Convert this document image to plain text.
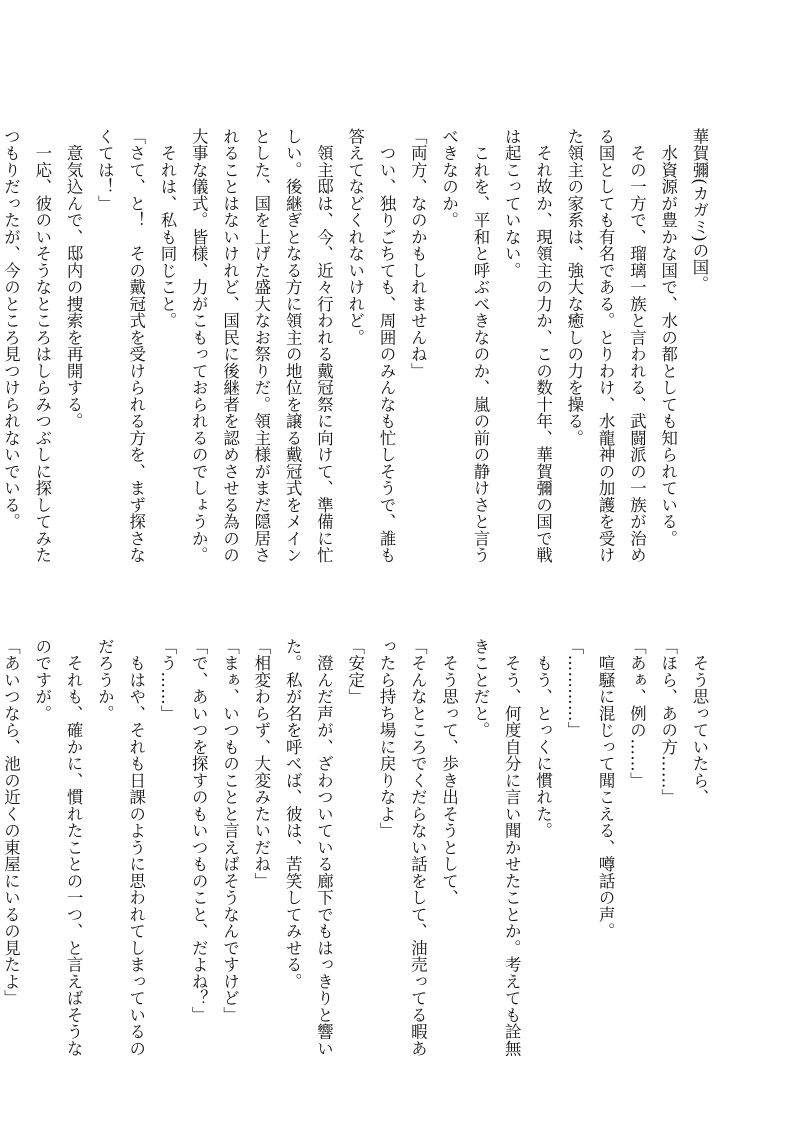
華賀彌(カガミ)の国。
　水資源が豊かな国で、水の都としても知られている。
　その一方で、瑠璃一族と言われる、武闘派の一族が治め
る国としても有名である。とりわけ、水龍神の加護を受け
た領主の家系は、強大な癒しの力を操る。
　それ故か、現領主の力か、この数十年、華賀彌の国で戦
は起こっていない。
　これを、平和と呼ぶべきなのか、嵐の前の静けさと言う
べきなのか。
「両方、なのかもしれませんね」
　つい、独りごちても、周囲のみんなも忙しそうで、誰も
答えてなどくれないけれど。
　領主邸は、今、近々行われる戴冠祭に向けて、準備に忙
しい。後継ぎとなる方に領主の地位を譲る戴冠式をメイン
とした、国を上げた盛大なお祭りだ。領主様がまだ隠居さ
れることはないけれど、国民に後継者を認めさせる為のの
大事な儀式。皆様、力がこもっておられるのでしょうか。
　それは、私も同じこと。
「さて、と！　その戴冠式を受けられる方を、まず探さな
くては！」
　意気込んで、邸内の捜索を再開する。
　一応、彼のいそうなところはしらみつぶしに探してみた
つもりだったが、今のところ見つけられないでいる。
　そう思っていたら、
「ほら、あの方……」
「あぁ、例の……」
　喧騒に混じって聞こえる、噂話の声。
「…………」
　もう、とっくに慣れた。
　そう、何度自分に言い聞かせたことか。考えても詮無
きことだと。
　そう思って、歩き出そうとして、
「そんなところでくだらない話をして、油売ってる暇あ
ったら持ち場に戻りなよ」
「安定」
　澄んだ声が、ざわついている廊下でもはっきりと響い
た。私が名を呼べば、彼は、苦笑してみせる。
「相変わらず、大変みたいだね」
「まぁ、いつものことと言えばそうなんですけど」
「で、あいつを探すのもいつものこと、だよね？」
「う……」
　もはや、それも日課のように思われてしまっているの
だろうか。
　それも、確かに、慣れたことの一つ、と言えばそうな
のですが。
「あいつなら、池の近くの東屋にいるの見たよ」
